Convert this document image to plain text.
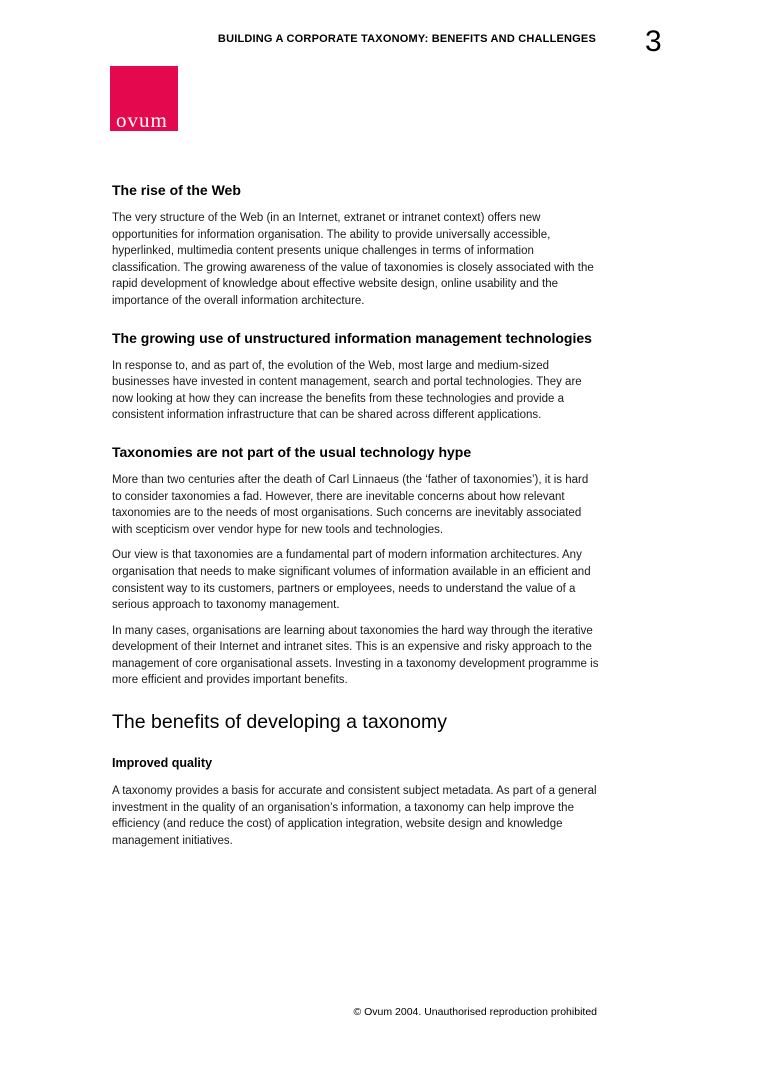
BUILDING A CORPORATE TAXONOMY: BENEFITS AND CHALLENGES 3
ovum
The rise of the Web

The very structure of the Web (in an Internet, extranet or intranet context) offers new opportunities for information organisation. The ability to provide universally accessible, hyperlinked, multimedia content presents unique challenges in terms of information classification. The growing awareness of the value of taxonomies is closely associated with the rapid development of knowledge about effective website design, online usability and the importance of the overall information architecture.

The growing use of unstructured information management technologies

In response to, and as part of, the evolution of the Web, most large and medium-sized businesses have invested in content management, search and portal technologies. They are now looking at how they can increase the benefits from these technologies and provide a consistent information infrastructure that can be shared across different applications.

Taxonomies are not part of the usual technology hype

More than two centuries after the death of Carl Linnaeus (the ‘father of taxonomies’), it is hard to consider taxonomies a fad. However, there are inevitable concerns about how relevant taxonomies are to the needs of most organisations. Such concerns are inevitably associated with scepticism over vendor hype for new tools and technologies.

Our view is that taxonomies are a fundamental part of modern information architectures. Any organisation that needs to make significant volumes of information available in an efficient and consistent way to its customers, partners or employees, needs to understand the value of a serious approach to taxonomy management.

In many cases, organisations are learning about taxonomies the hard way through the iterative development of their Internet and intranet sites. This is an expensive and risky approach to the management of core organisational assets. Investing in a taxonomy development programme is more efficient and provides important benefits.

The benefits of developing a taxonomy
Improved quality

A taxonomy provides a basis for accurate and consistent subject metadata. As part of a general investment in the quality of an organisation’s information, a taxonomy can help improve the efficiency (and reduce the cost) of application integration, website design and knowledge management initiatives.

© Ovum 2004. Unauthorised reproduction prohibited
